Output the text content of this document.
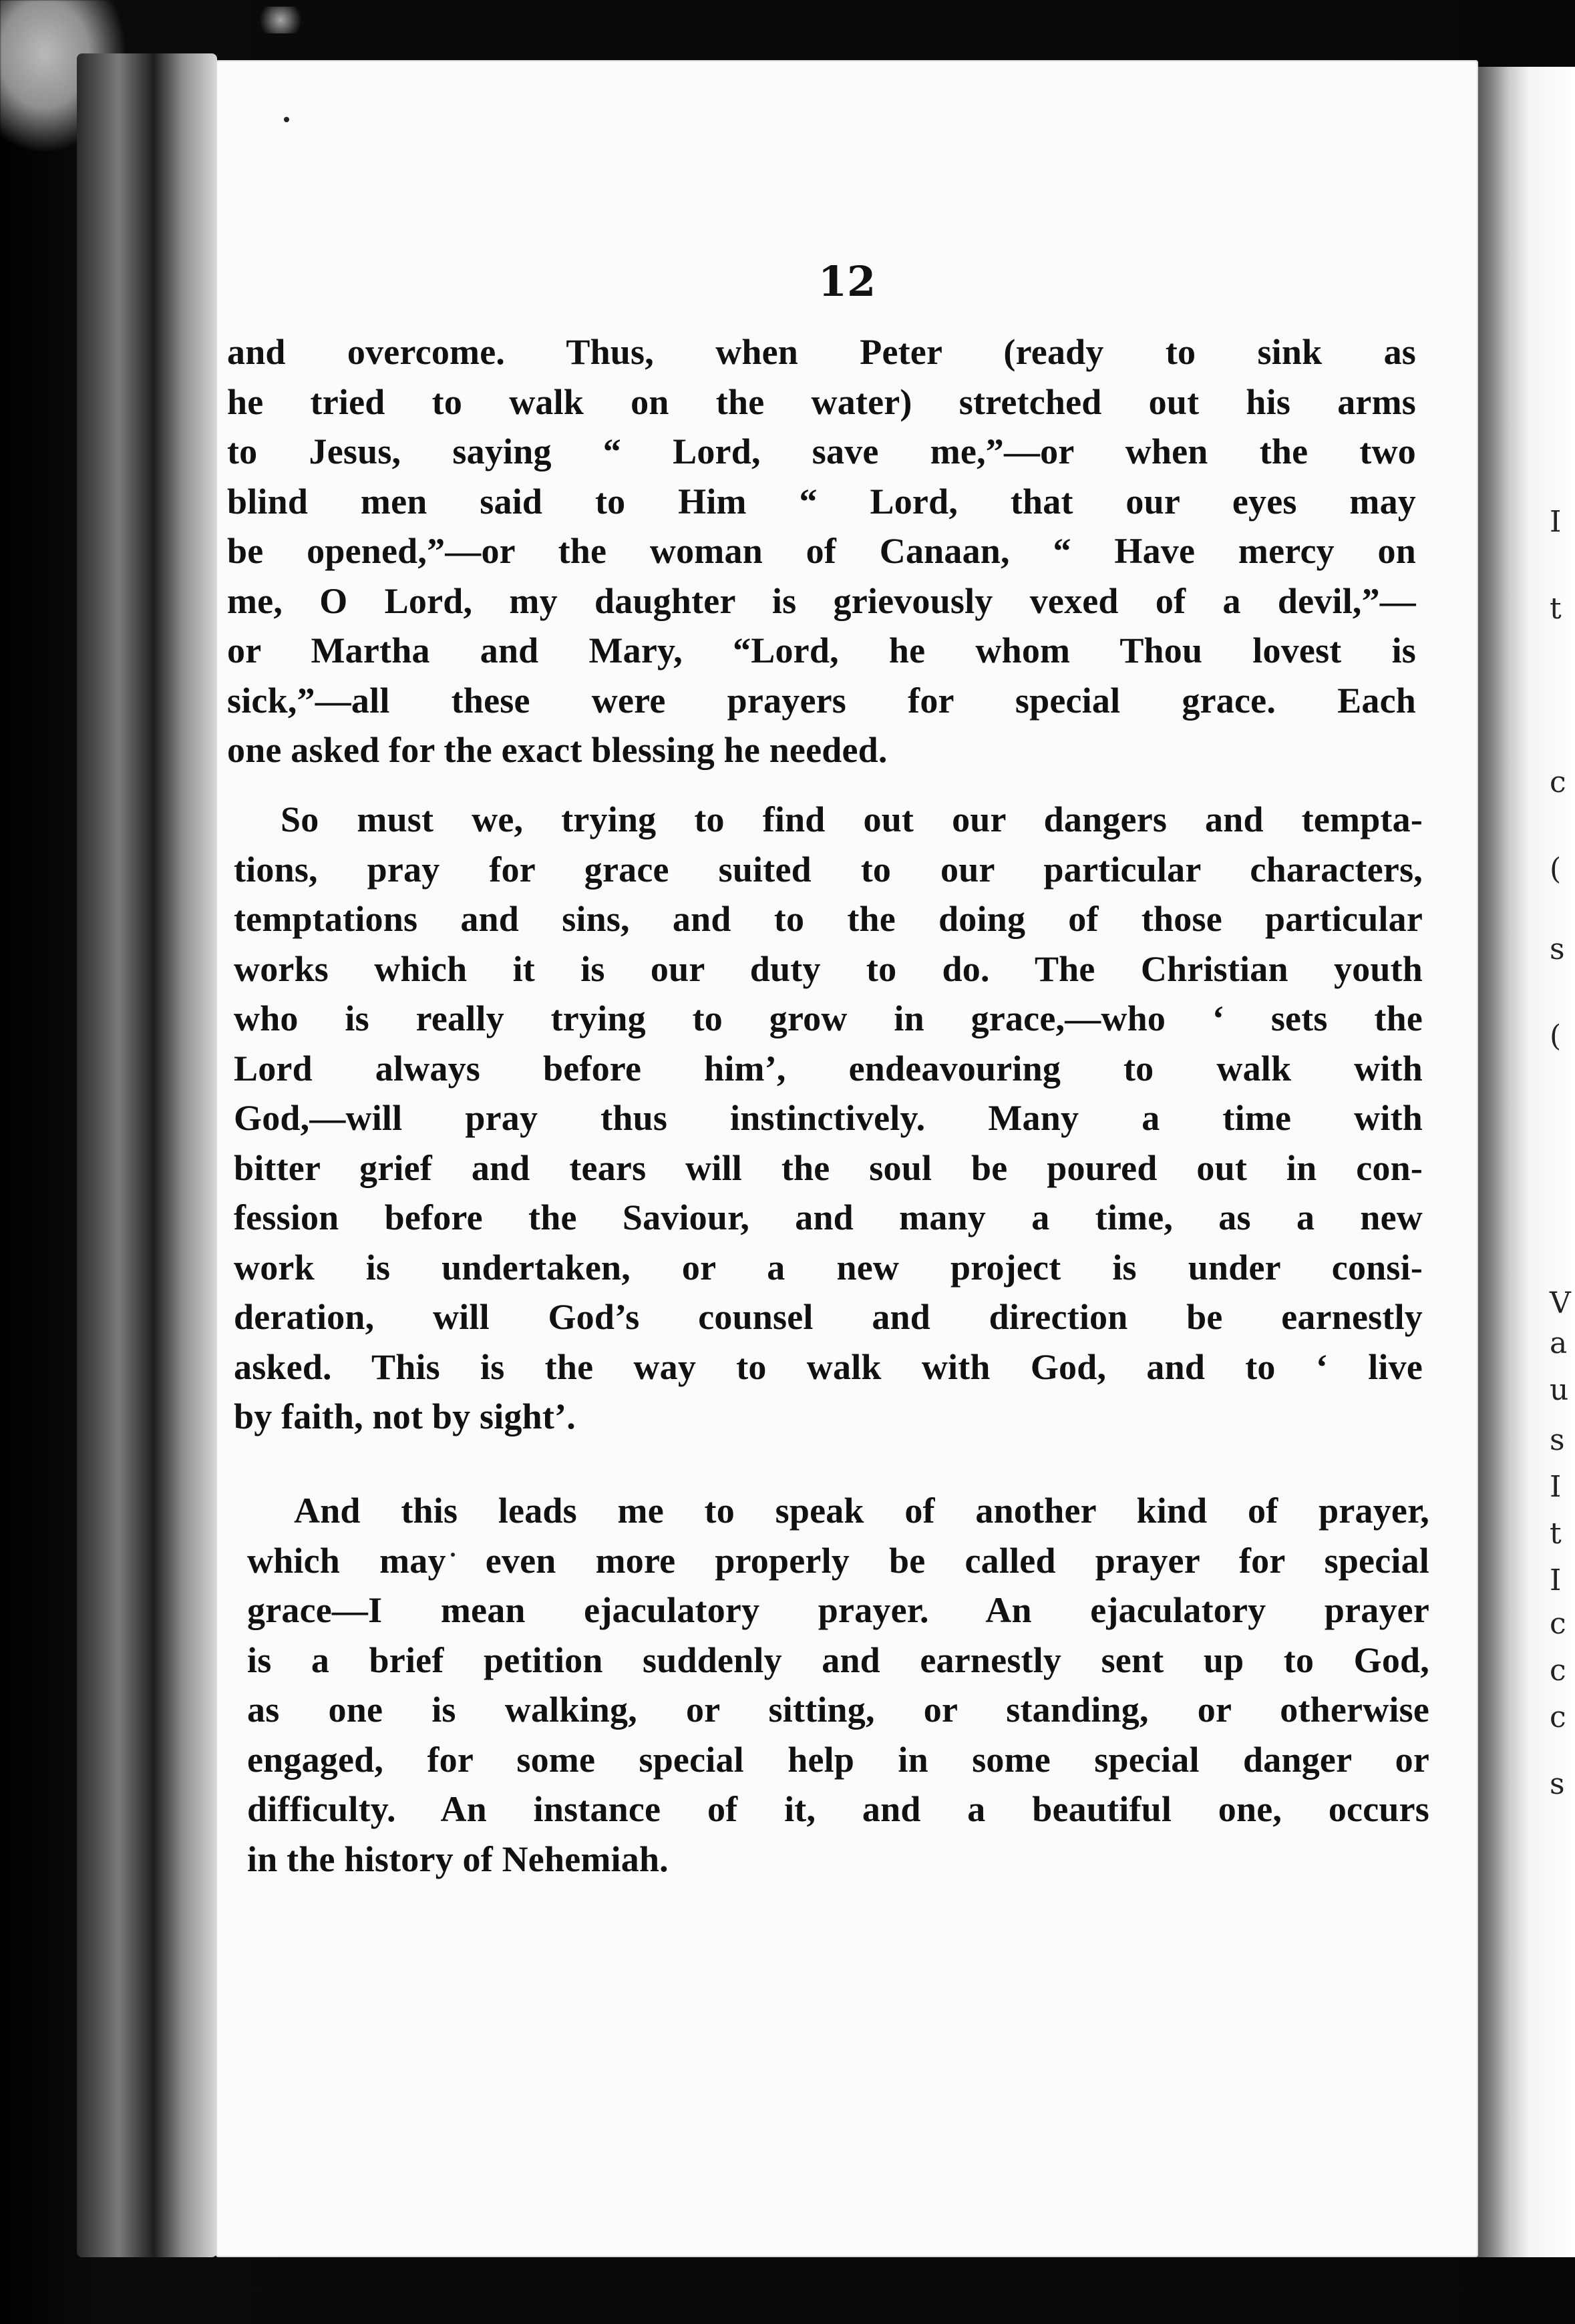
I
t
c
(
s
(
V
a
u
s
I
t
I
c
c
c
s
12
and overcome. Thus, when Peter (ready to sink as
he tried to walk on the water) stretched out his arms
to Jesus, saying “ Lord, save me,”—or when the two
blind men said to Him “ Lord, that our eyes may
be opened,”—or the woman of Canaan, “ Have mercy on
me, O Lord, my daughter is grievously vexed of a devil,”—
or Martha and Mary, “Lord, he whom Thou lovest is
sick,”—all these were prayers for special grace. Each
one asked for the exact blessing he needed.
So must we, trying to find out our dangers and tempta-
tions, pray for grace suited to our particular characters,
temptations and sins, and to the doing of those particular
works which it is our duty to do. The Christian youth
who is really trying to grow in grace,—who ‘ sets the
Lord always before him’, endeavouring to walk with
God,—will pray thus instinctively. Many a time with
bitter grief and tears will the soul be poured out in con-
fession before the Saviour, and many a time, as a new
work is undertaken, or a new project is under consi-
deration, will God’s counsel and direction be earnestly
asked. This is the way to walk with God, and to ‘ live
by faith, not by sight’.
And this leads me to speak of another kind of prayer,
which may even more properly be called prayer for special
grace—I mean ejaculatory prayer. An ejaculatory prayer
is a brief petition suddenly and earnestly sent up to God,
as one is walking, or sitting, or standing, or otherwise
engaged, for some special help in some special danger or
difficulty. An instance of it, and a beautiful one, occurs
in the history of Nehemiah.
